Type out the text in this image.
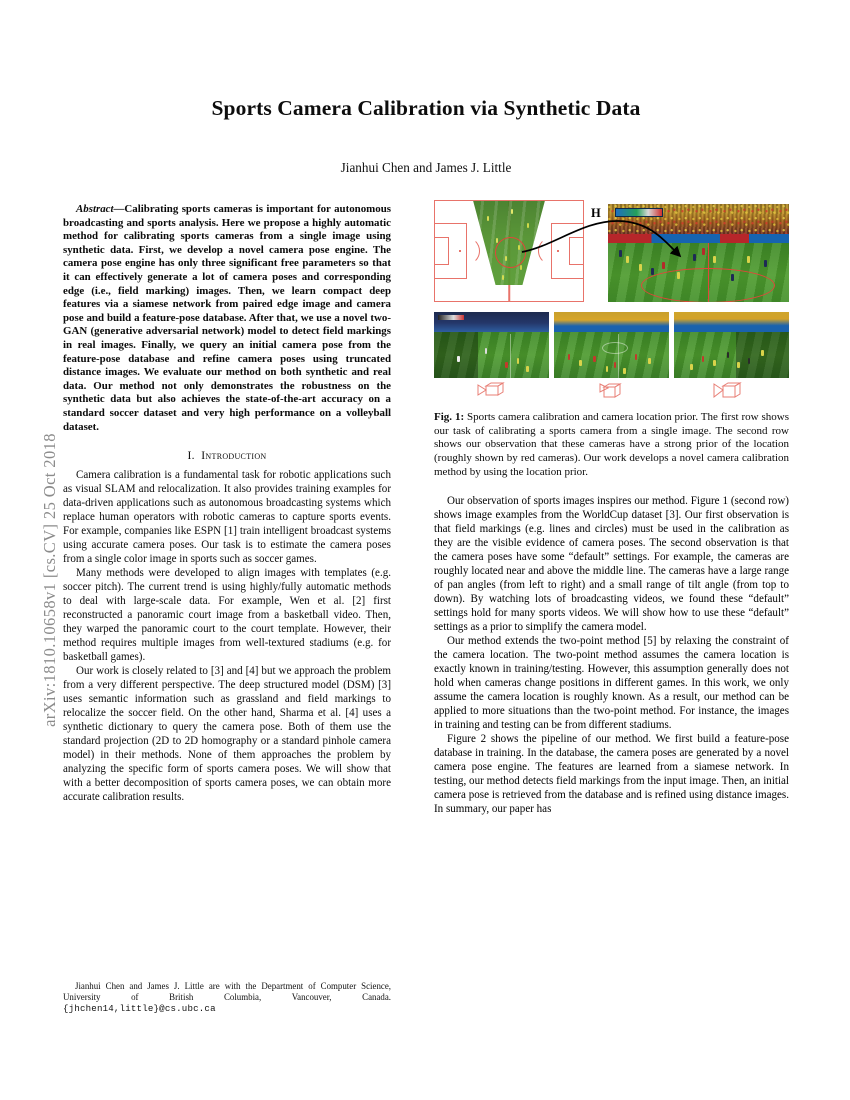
arXiv:1810.10658v1 [cs.CV] 25 Oct 2018
Sports Camera Calibration via Synthetic Data
Jianhui Chen and James J. Little

Abstract—Calibrating sports cameras is important for autonomous broadcasting and sports analysis. Here we propose a highly automatic method for calibrating sports cameras from a single image using synthetic data. First, we develop a novel camera pose engine. The camera pose engine has only three significant free parameters so that it can effectively generate a lot of camera poses and corresponding edge (i.e., field marking) images. Then, we learn compact deep features via a siamese network from paired edge image and camera pose and build a feature-pose database. After that, we use a novel two-GAN (generative adversarial network) model to detect field markings in real images. Finally, we query an initial camera pose from the feature-pose database and refine camera poses using truncated distance images. We evaluate our method on both synthetic and real data. Our method not only demonstrates the robustness on the synthetic data but also achieves the state-of-the-art accuracy on a standard soccer dataset and very high performance on a volleyball dataset.

I. Introduction

Camera calibration is a fundamental task for robotic applications such as visual SLAM and relocalization. It also provides training examples for data-driven applications such as autonomous broadcasting systems which replace human operators with robotic cameras to capture sports events. For example, companies like ESPN [1] train intelligent broadcast systems using accurate camera poses. Our task is to estimate the camera poses from a single color image in sports such as soccer games.

Many methods were developed to align images with templates (e.g. soccer pitch). The current trend is using highly/fully automatic methods to deal with large-scale data. For example, Wen et al. [2] first reconstructed a panoramic court image from a basketball video. Then, they warped the panoramic court to the court template. However, their method requires multiple images from well-textured stadiums (e.g. for basketball games).

Our work is closely related to [3] and [4] but we approach the problem from a very different perspective. The deep structured model (DSM) [3] uses semantic information such as grassland and field markings to relocalize the soccer field. On the other hand, Sharma et al. [4] uses a synthetic dictionary to query the camera pose. Both of them use the standard projection (2D to 2D homography or a standard pinhole camera model) in their methods. None of them approaches the problem by analyzing the specific form of sports camera poses. We will show that with a better decomposition of sports camera poses, we can obtain more accurate calibration results.

Jianhui Chen and James J. Little are with the Department of Computer Science, University of British Columbia, Vancouver, Canada. {jhchen14,little}@cs.ubc.ca
H
Fig. 1: Sports camera calibration and camera location prior. The first row shows our task of calibrating a sports camera from a single image. The second row shows our observation that these cameras have a strong prior of the location (roughly shown by red cameras). Our work develops a novel camera calibration method by using the location prior.

Our observation of sports images inspires our method. Figure 1 (second row) shows image examples from the WorldCup dataset [3]. Our first observation is that field markings (e.g. lines and circles) must be used in the calibration as they are the visible evidence of camera poses. The second observation is that the camera poses have some “default” settings. For example, the cameras are roughly located near and above the middle line. The cameras have a large range of pan angles (from left to right) and a small range of tilt angle (from top to down). By watching lots of broadcasting videos, we found these “default” settings hold for many sports videos. We will show how to use these “default” settings as a prior to simplify the camera model.

Our method extends the two-point method [5] by relaxing the constraint of the camera location. The two-point method assumes the camera location is exactly known in training/testing. However, this assumption generally does not hold when cameras change positions in different games. In this work, we only assume the camera location is roughly known. As a result, our method can be applied to more situations than the two-point method. For instance, the images in training and testing can be from different stadiums.

Figure 2 shows the pipeline of our method. We first build a feature-pose database in training. In the database, the camera poses are generated by a novel camera pose engine. The features are learned from a siamese network. In testing, our method detects field markings from the input image. Then, an initial camera pose is retrieved from the database and is refined using distance images. In summary, our paper has
